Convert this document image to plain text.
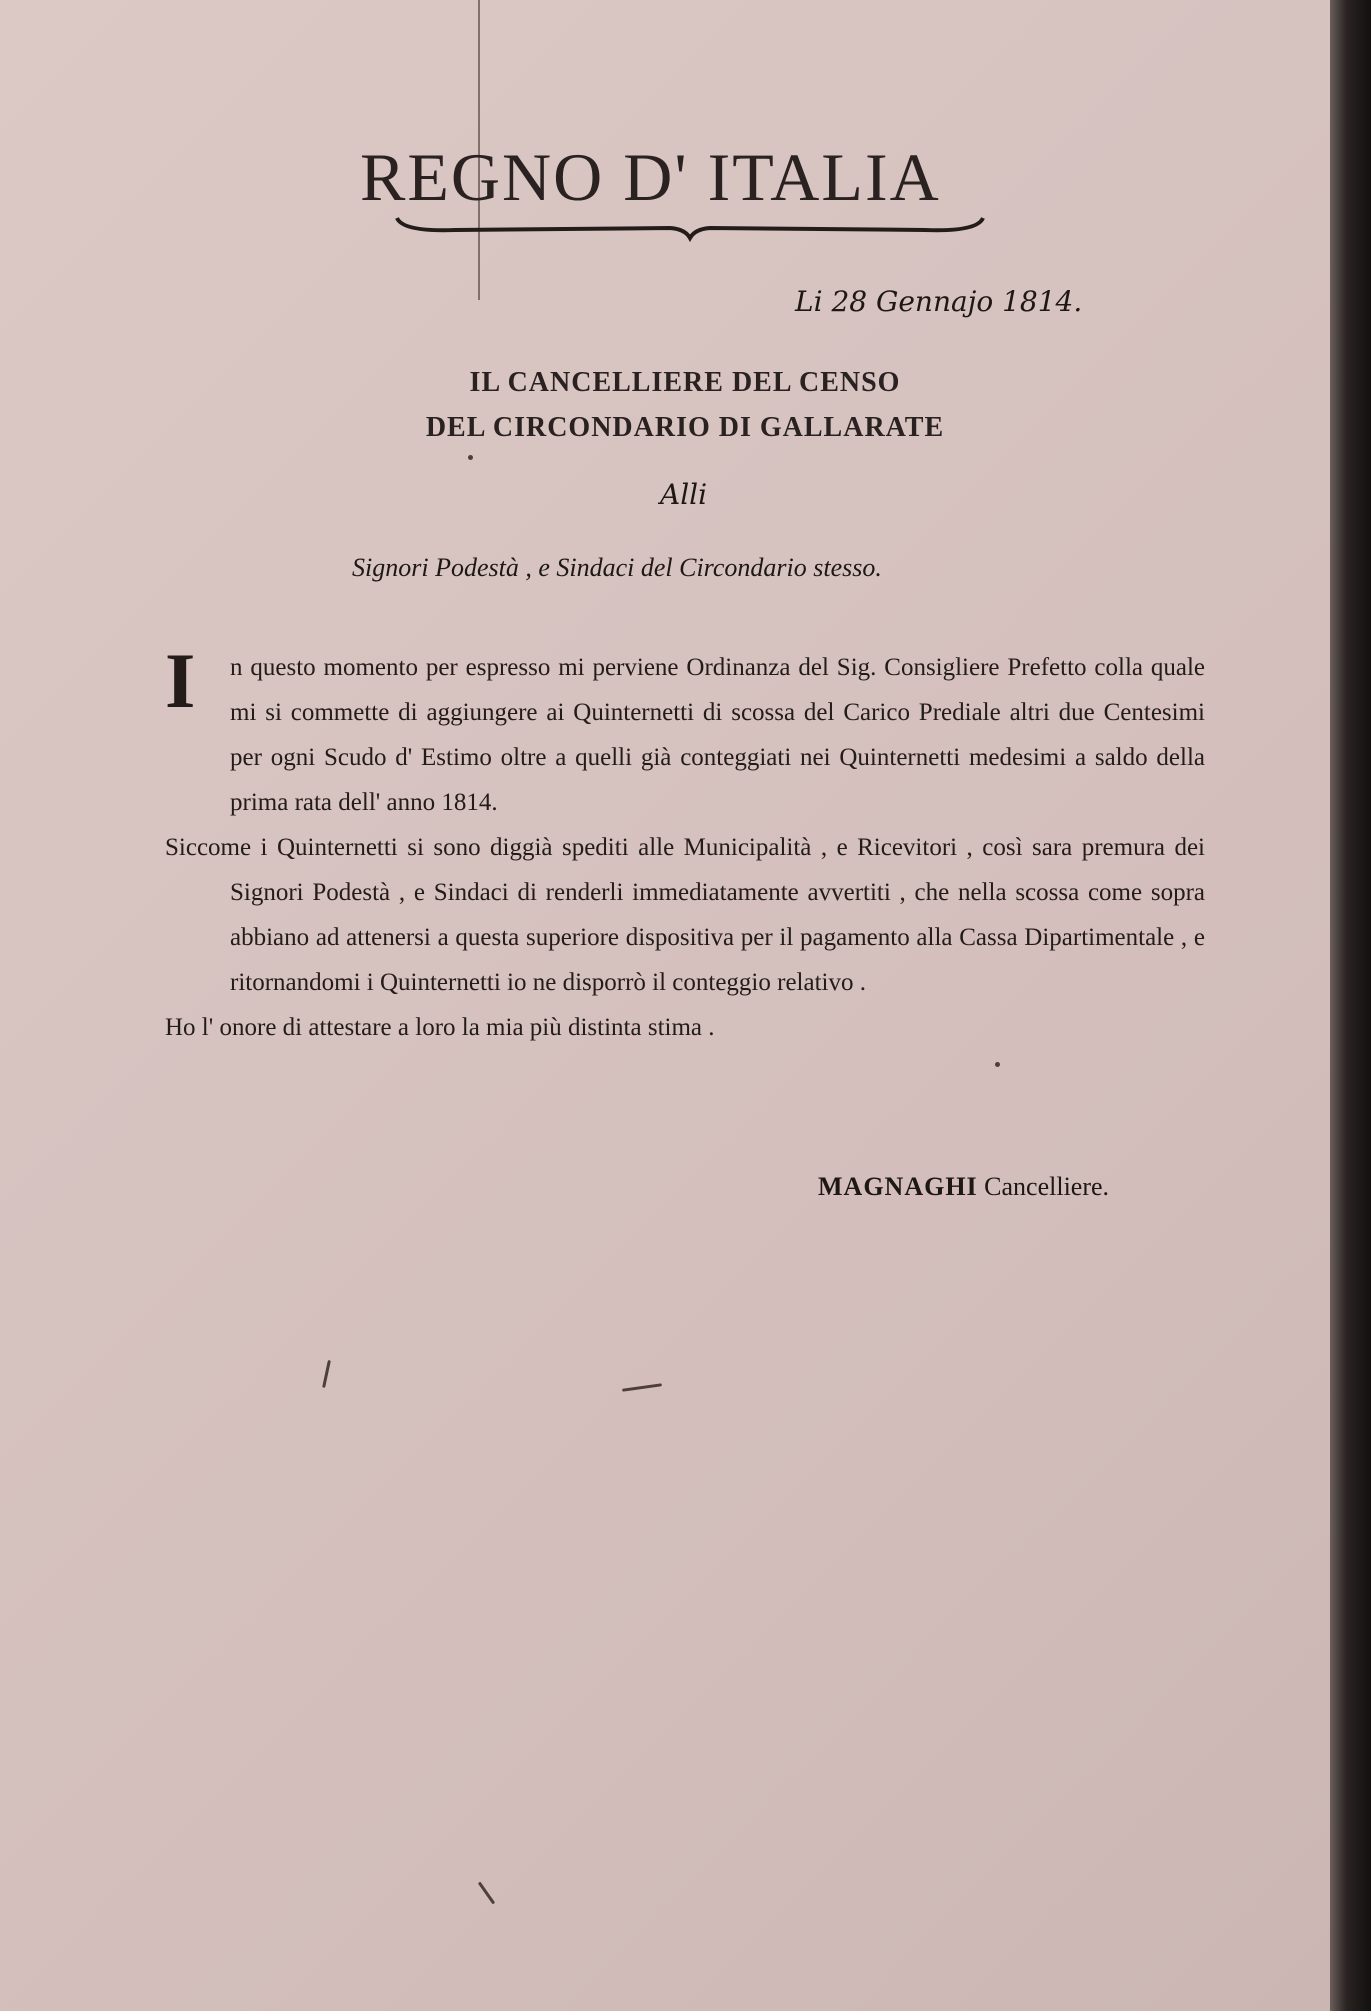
REGNO D' ITALIA
Li 28 Gennajo 1814.
IL CANCELLIERE DEL CENSO
DEL CIRCONDARIO DI GALLARATE
Alli
Signori Podestà , e Sindaci del Circondario stesso.

I n questo momento per espresso mi perviene Ordinanza del Sig. Consigliere Prefetto colla quale mi si commette di aggiungere ai Quinternetti di scossa del Carico Prediale altri due Centesimi per ogni Scudo d' Estimo oltre a quelli già conteggiati nei Quinternetti medesimi a saldo della prima rata dell' anno 1814.

Siccome i Quinternetti si sono diggià spediti alle Municipalità , e Ricevitori , così sara premura dei Signori Podestà , e Sindaci di renderli immediatamente avvertiti , che nella scossa come sopra abbiano ad attenersi a questa superiore dispositiva per il pagamento alla Cassa Dipartimentale , e ritornandomi i Quinternetti io ne disporrò il conteggio relativo .

Ho l' onore di attestare a loro la mia più distinta stima .

MAGNAGHI Cancelliere.
